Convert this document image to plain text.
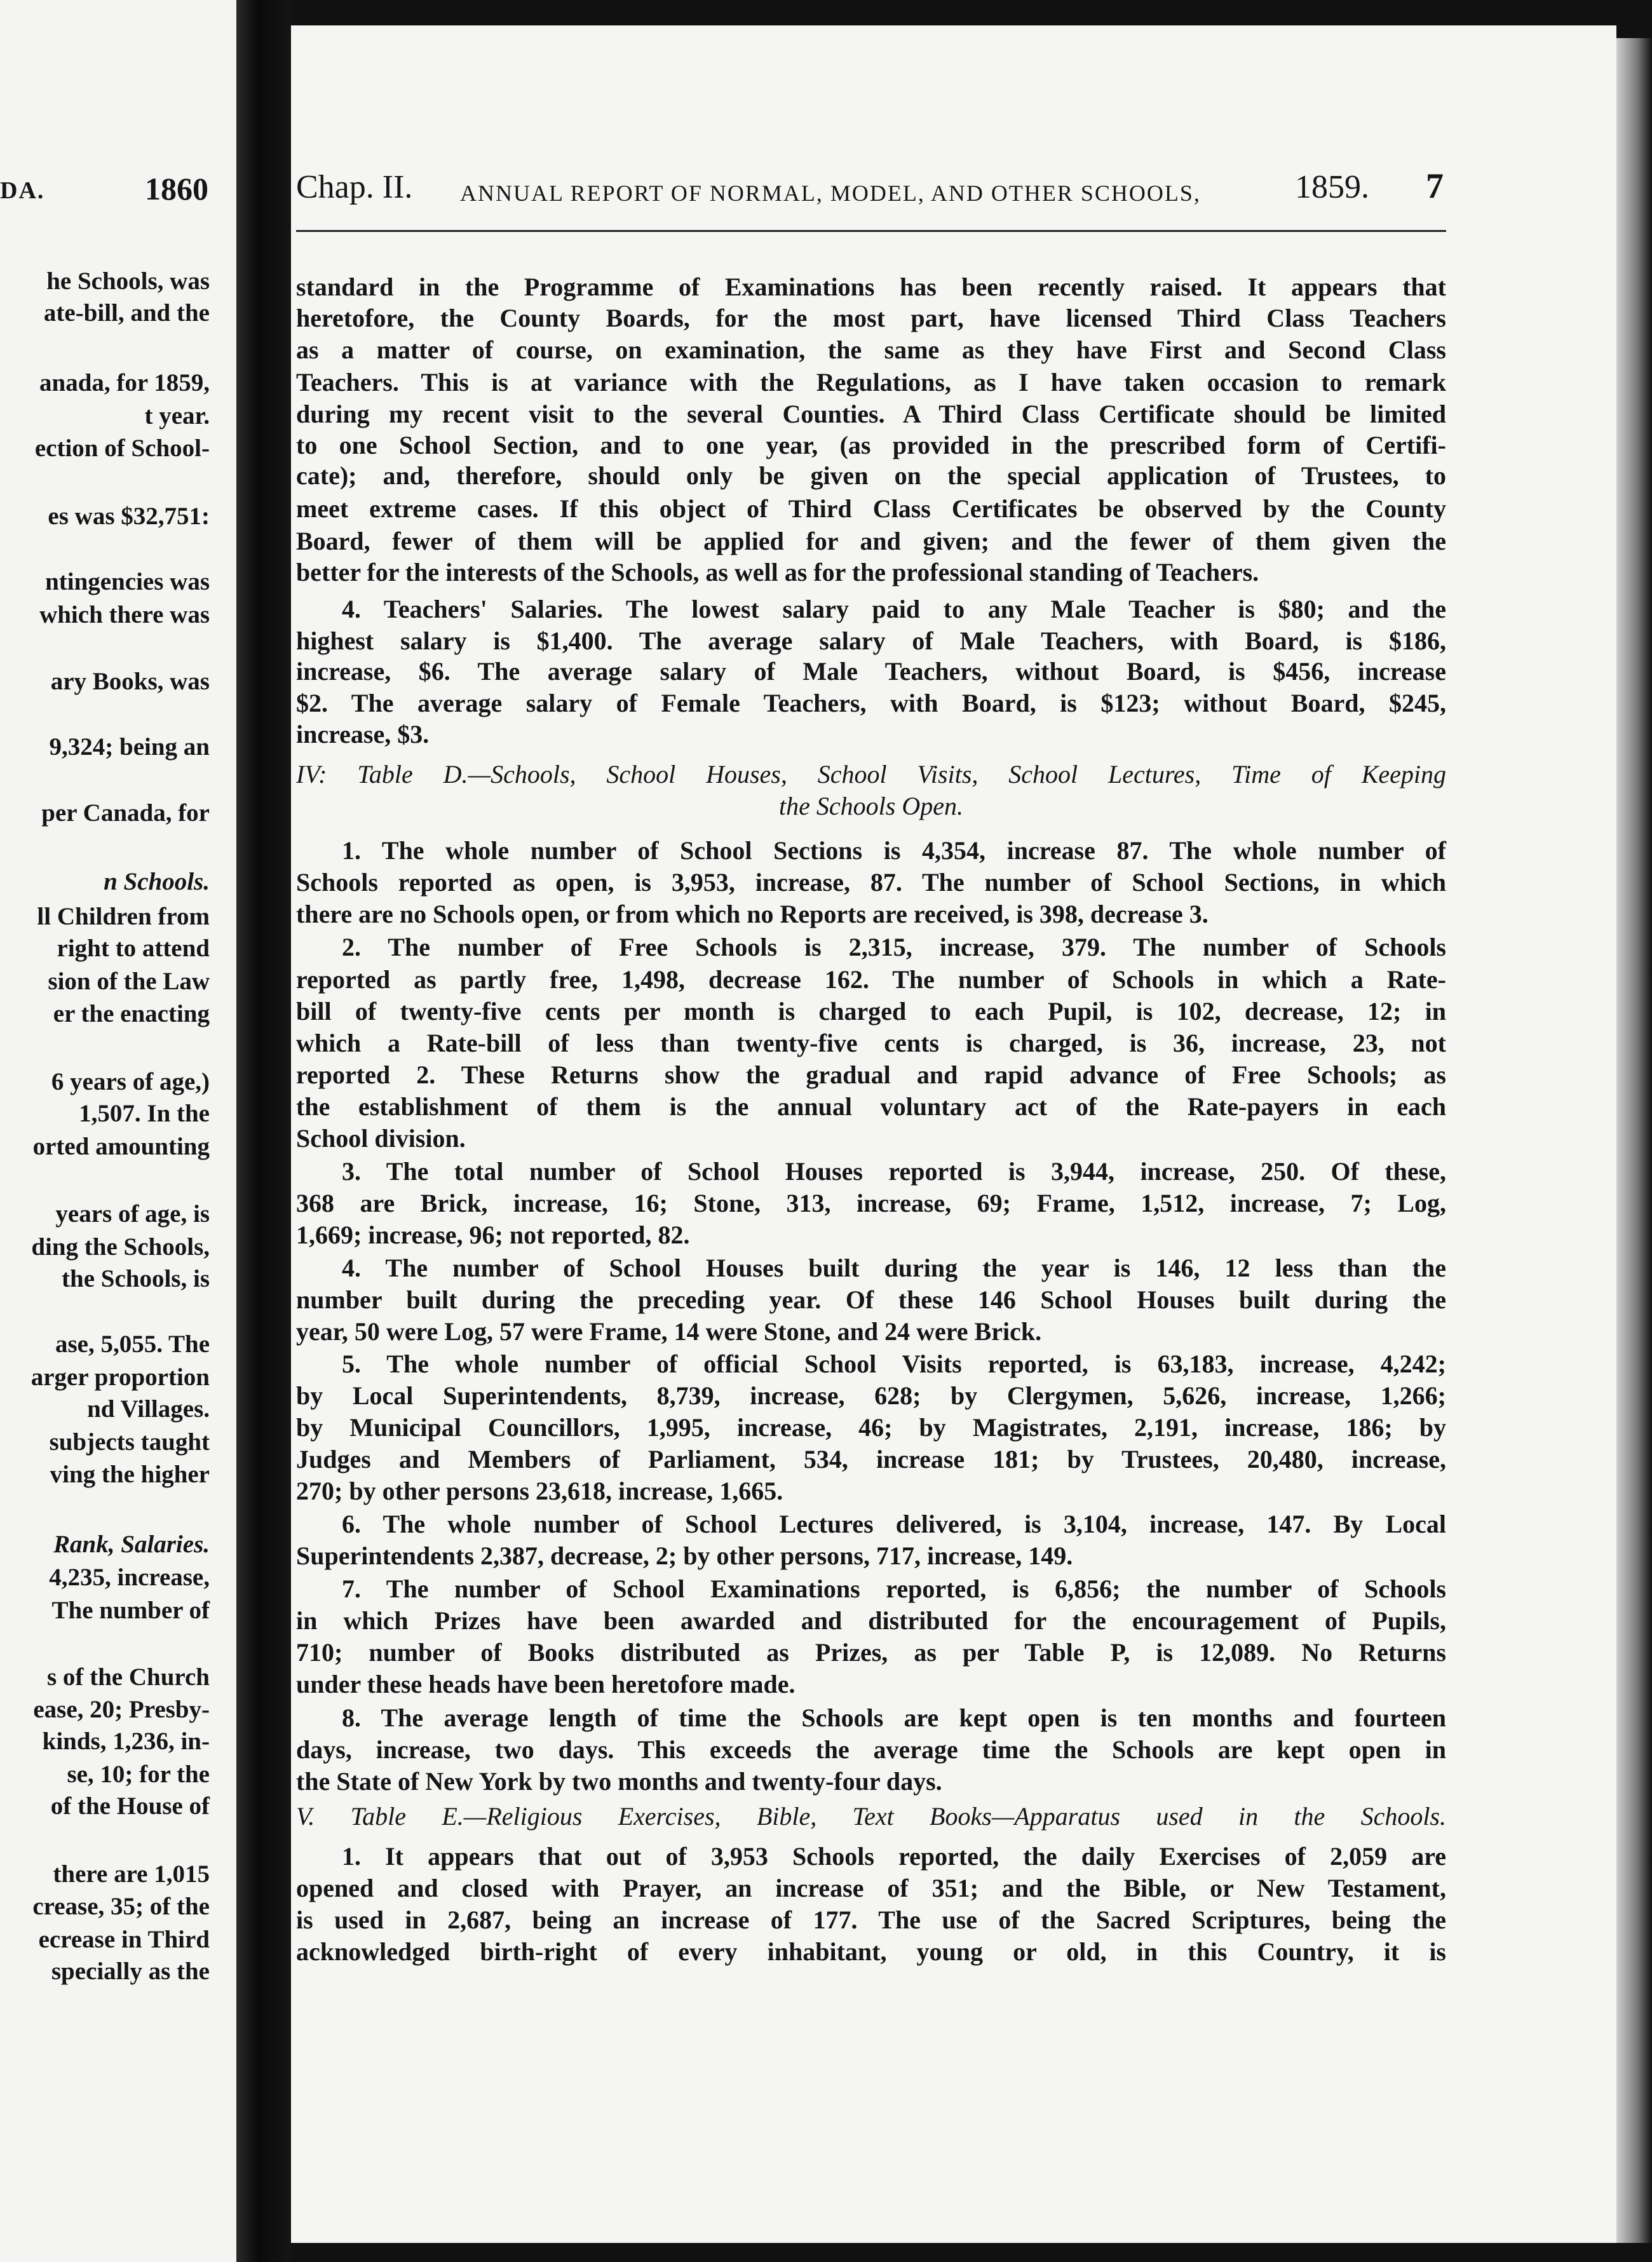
DA.	1860
he Schools, was
ate-bill, and the
anada, for 1859,
t year.
ection of School-
es was $32,751:
ntingencies was
which there was
ary Books, was
9,324; being an
per Canada, for
n Schools.
ll Children from
right to attend
sion of the Law
er the enacting
6 years of age,)
1,507. In the
orted amounting
years of age, is
ding the Schools,
the Schools, is
ase, 5,055. The
arger proportion
nd Villages.
subjects taught
ving the higher
Rank, Salaries.
4,235, increase,
The number of
s of the Church
ease, 20; Presby-
kinds, 1,236, in-
se, 10; for the
of the House of
there are 1,015
crease, 35; of the
ecrease in Third
specially as the
Chap. II. ANNUAL REPORT OF NORMAL, MODEL, AND OTHER SCHOOLS,	1859. 7
standard in the Programme of Examinations has been recently raised. It appears that
heretofore, the County Boards, for the most part, have licensed Third Class Teachers
as a matter of course, on examination, the same as they have First and Second Class
Teachers. This is at variance with the Regulations, as I have taken occasion to remark
during my recent visit to the several Counties. A Third Class Certificate should be limited
to one School Section, and to one year, (as provided in the prescribed form of Certifi-
cate); and, therefore, should only be given on the special application of Trustees, to
meet extreme cases. If this object of Third Class Certificates be observed by the County
Board, fewer of them will be applied for and given; and the fewer of them given the
better for the interests of the Schools, as well as for the professional standing of Teachers.
4. Teachers' Salaries. The lowest salary paid to any Male Teacher is $80; and the
highest salary is $1,400. The average salary of Male Teachers, with Board, is $186,
increase, $6. The average salary of Male Teachers, without Board, is $456, increase
$2. The average salary of Female Teachers, with Board, is $123; without Board, $245,
increase, $3.
IV: Table D.—Schools, School Houses, School Visits, School Lectures, Time of Keeping
the Schools Open.
1. The whole number of School Sections is 4,354, increase 87. The whole number of
Schools reported as open, is 3,953, increase, 87. The number of School Sections, in which
there are no Schools open, or from which no Reports are received, is 398, decrease 3.
2. The number of Free Schools is 2,315, increase, 379. The number of Schools
reported as partly free, 1,498, decrease 162. The number of Schools in which a Rate-
bill of twenty-five cents per month is charged to each Pupil, is 102, decrease, 12; in
which a Rate-bill of less than twenty-five cents is charged, is 36, increase, 23, not
reported 2. These Returns show the gradual and rapid advance of Free Schools; as
the establishment of them is the annual voluntary act of the Rate-payers in each
School division.
3. The total number of School Houses reported is 3,944, increase, 250. Of these,
368 are Brick, increase, 16; Stone, 313, increase, 69; Frame, 1,512, increase, 7; Log,
1,669; increase, 96; not reported, 82.
4. The number of School Houses built during the year is 146, 12 less than the
number built during the preceding year. Of these 146 School Houses built during the
year, 50 were Log, 57 were Frame, 14 were Stone, and 24 were Brick.
5. The whole number of official School Visits reported, is 63,183, increase, 4,242;
by Local Superintendents, 8,739, increase, 628; by Clergymen, 5,626, increase, 1,266;
by Municipal Councillors, 1,995, increase, 46; by Magistrates, 2,191, increase, 186; by
Judges and Members of Parliament, 534, increase 181; by Trustees, 20,480, increase,
270; by other persons 23,618, increase, 1,665.
6. The whole number of School Lectures delivered, is 3,104, increase, 147. By Local
Superintendents 2,387, decrease, 2; by other persons, 717, increase, 149.
7. The number of School Examinations reported, is 6,856; the number of Schools
in which Prizes have been awarded and distributed for the encouragement of Pupils,
710; number of Books distributed as Prizes, as per Table P, is 12,089. No Returns
under these heads have been heretofore made.
8. The average length of time the Schools are kept open is ten months and fourteen
days, increase, two days. This exceeds the average time the Schools are kept open in
the State of New York by two months and twenty-four days.
V. Table E.—Religious Exercises, Bible, Text Books—Apparatus used in the Schools.
1. It appears that out of 3,953 Schools reported, the daily Exercises of 2,059 are
opened and closed with Prayer, an increase of 351; and the Bible, or New Testament,
is used in 2,687, being an increase of 177. The use of the Sacred Scriptures, being the
acknowledged birth-right of every inhabitant, young or old, in this Country, it is
